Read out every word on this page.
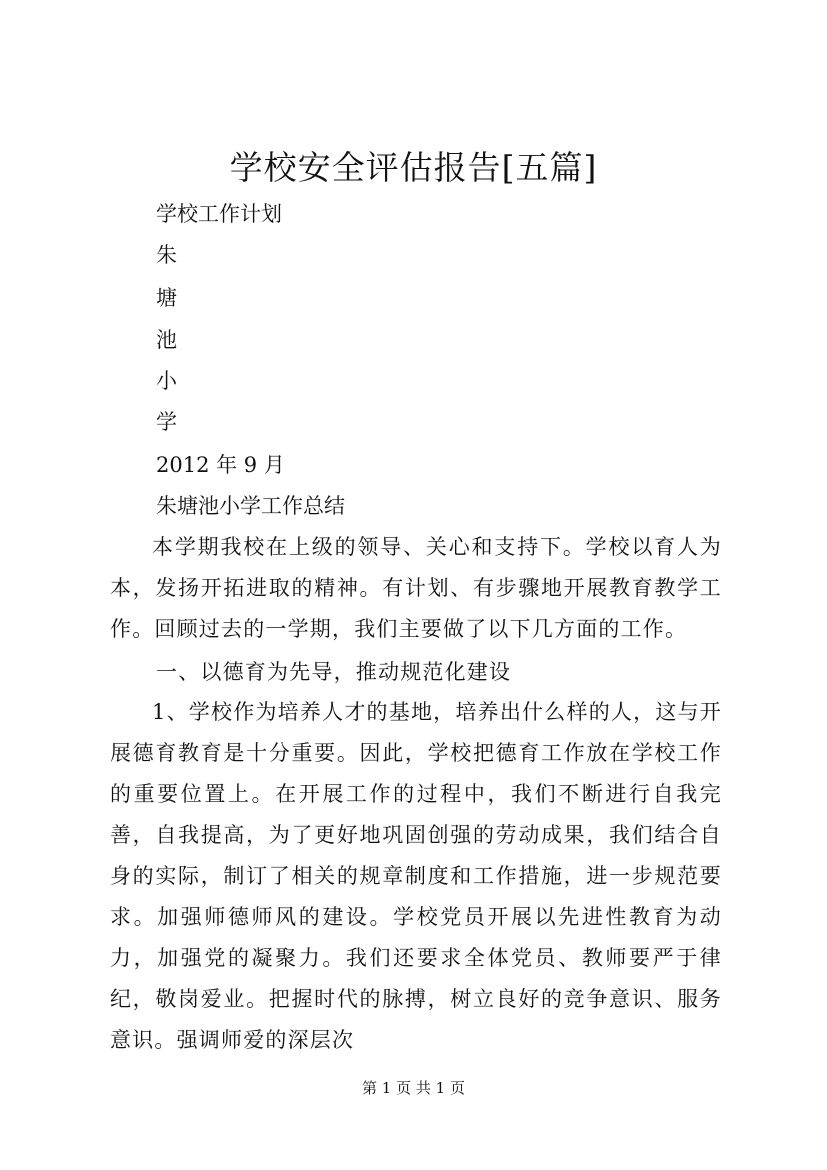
学校安全评估报告[五篇]
学校工作计划
朱
塘
池
小
学
2012 年 9 月
朱塘池小学工作总结

本学期我校在上级的领导、关心和支持下。学校以育人为本，发扬开拓进取的精神。有计划、有步骤地开展教育教学工作。回顾过去的一学期，我们主要做了以下几方面的工作。

一、以德育为先导，推动规范化建设

1、学校作为培养人才的基地，培养出什么样的人，这与开展德育教育是十分重要。因此，学校把德育工作放在学校工作的重要位置上。在开展工作的过程中，我们不断进行自我完善，自我提高，为了更好地巩固创强的劳动成果，我们结合自身的实际，制订了相关的规章制度和工作措施，进一步规范要求。加强师德师风的建设。学校党员开展以先进性教育为动力，加强党的凝聚力。我们还要求全体党员、教师要严于律纪，敬岗爱业。把握时代的脉搏，树立良好的竞争意识、服务意识。强调师爱的深层次

第 1 页 共 1 页
